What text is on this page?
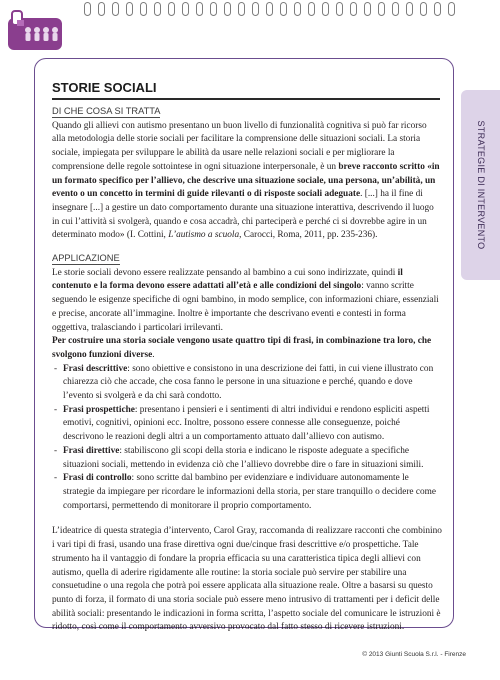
STRATEGIE DI INTERVENTO
STORIE SOCIALI
DI CHE COSA SI TRATTA

Quando gli allievi con autismo presentano un buon livello di funzionalità cognitiva si può far ricorso alla metodologia delle storie sociali per facilitare la comprensione delle situazioni sociali. La storia sociale, impiegata per sviluppare le abilità da usare nelle relazioni sociali e per migliorare la comprensione delle regole sottointese in ogni situazione interpersonale, è un breve racconto scritto «in un formato specifico per l’allievo, che descrive una situazione sociale, una persona, un’abilità, un evento o un concetto in termini di guide rilevanti o di risposte sociali adeguate. [...] ha il fine di insegnare [...] a gestire un dato comportamento durante una situazione interattiva, descrivendo il luogo in cui l’attività si svolgerà, quando e cosa accadrà, chi parteciperà e perché ci si dovrebbe agire in un determinato modo» (I. Cottini, L’autismo a scuola, Carocci, Roma, 2011, pp. 235-236).

APPLICAZIONE

Le storie sociali devono essere realizzate pensando al bambino a cui sono indirizzate, quindi il contenuto e la forma devono essere adattati all’età e alle condizioni del singolo: vanno scritte seguendo le esigenze specifiche di ogni bambino, in modo semplice, con informazioni chiare, essenziali e precise, ancorate all’immagine. Inoltre è importante che descrivano eventi e contesti in forma oggettiva, tralasciando i particolari irrilevanti.

Per costruire una storia sociale vengono usate quattro tipi di frasi, in combinazione tra loro, che svolgono funzioni diverse.

- Frasi descrittive: sono obiettive e consistono in una descrizione dei fatti, in cui viene illustrato con chiarezza ciò che accade, che cosa fanno le persone in una situazione e perché, quando e dove l’evento si svolgerà e da chi sarà condotto.
- Frasi prospettiche: presentano i pensieri e i sentimenti di altri individui e rendono espliciti aspetti emotivi, cognitivi, opinioni ecc. Inoltre, possono essere connesse alle conseguenze, poiché descrivono le reazioni degli altri a un comportamento attuato dall’allievo con autismo.
- Frasi direttive: stabiliscono gli scopi della storia e indicano le risposte adeguate a specifiche situazioni sociali, mettendo in evidenza ciò che l’allievo dovrebbe dire o fare in situazioni simili.
- Frasi di controllo: sono scritte dal bambino per evidenziare e individuare autonomamente le strategie da impiegare per ricordare le informazioni della storia, per stare tranquillo o decidere come comportarsi, permettendo di monitorare il proprio comportamento.

L’ideatrice di questa strategia d’intervento, Carol Gray, raccomanda di realizzare racconti che combinino i vari tipi di frasi, usando una frase direttiva ogni due/cinque frasi descrittive e/o prospettiche. Tale strumento ha il vantaggio di fondare la propria efficacia su una caratteristica tipica degli allievi con autismo, quella di aderire rigidamente alle routine: la storia sociale può servire per stabilire una consuetudine o una regola che potrà poi essere applicata alla situazione reale. Oltre a basarsi su questo punto di forza, il formato di una storia sociale può essere meno intrusivo di trattamenti per i deficit delle abilità sociali: presentando le indicazioni in forma scritta, l’aspetto sociale del comunicare le istruzioni è ridotto, così come il comportamento avversivo provocato dal fatto stesso di ricevere istruzioni.

© 2013 Giunti Scuola S.r.l. - Firenze
